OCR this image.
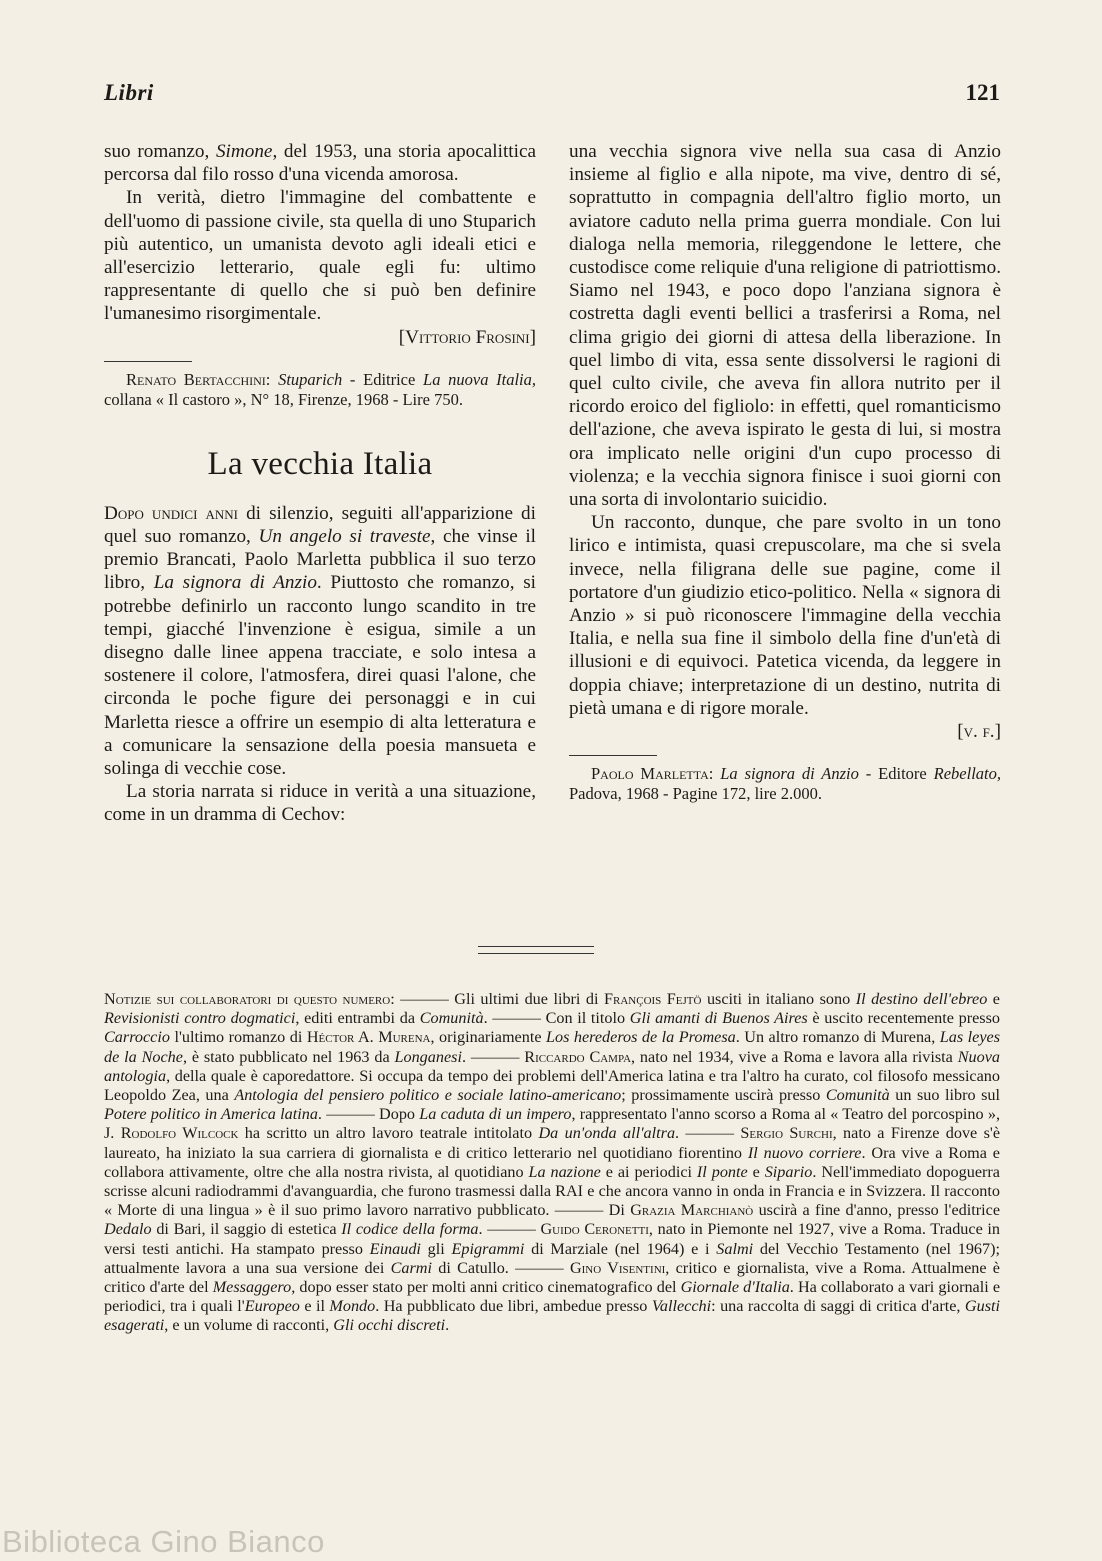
Libri	121

suo romanzo, Simone, del 1953, una storia apocalittica percorsa dal filo rosso d'una vicenda amorosa.

In verità, dietro l'immagine del combattente e dell'uomo di passione civile, sta quella di uno Stuparich più autentico, un umanista devoto agli ideali etici e all'esercizio letterario, quale egli fu: ultimo rappresentante di quello che si può ben definire l'umanesimo risorgimentale.

[Vittorio Frosini]

Renato Bertacchini: Stuparich - Editrice La nuova Italia, collana « Il castoro », N° 18, Firenze, 1968 - Lire 750.

La vecchia Italia

Dopo undici anni di silenzio, seguiti all'apparizione di quel suo romanzo, Un angelo si traveste, che vinse il premio Brancati, Paolo Marletta pubblica il suo terzo libro, La signora di Anzio. Piuttosto che romanzo, si potrebbe definirlo un racconto lungo scandito in tre tempi, giacché l'invenzione è esigua, simile a un disegno dalle linee appena tracciate, e solo intesa a sostenere il colore, l'atmosfera, direi quasi l'alone, che circonda le poche figure dei personaggi e in cui Marletta riesce a offrire un esempio di alta letteratura e a comunicare la sensazione della poesia mansueta e solinga di vecchie cose.

La storia narrata si riduce in verità a una situazione, come in un dramma di Cechov:

una vecchia signora vive nella sua casa di Anzio insieme al figlio e alla nipote, ma vive, dentro di sé, soprattutto in compagnia dell'altro figlio morto, un aviatore caduto nella prima guerra mondiale. Con lui dialoga nella memoria, rileggendone le lettere, che custodisce come reliquie d'una religione di patriottismo. Siamo nel 1943, e poco dopo l'anziana signora è costretta dagli eventi bellici a trasferirsi a Roma, nel clima grigio dei giorni di attesa della liberazione. In quel limbo di vita, essa sente dissolversi le ragioni di quel culto civile, che aveva fin allora nutrito per il ricordo eroico del figliolo: in effetti, quel romanticismo dell'azione, che aveva ispirato le gesta di lui, si mostra ora implicato nelle origini d'un cupo processo di violenza; e la vecchia signora finisce i suoi giorni con una sorta di involontario suicidio.

Un racconto, dunque, che pare svolto in un tono lirico e intimista, quasi crepuscolare, ma che si svela invece, nella filigrana delle sue pagine, come il portatore d'un giudizio etico-politico. Nella « signora di Anzio » si può riconoscere l'immagine della vecchia Italia, e nella sua fine il simbolo della fine d'un'età di illusioni e di equivoci. Patetica vicenda, da leggere in doppia chiave; interpretazione di un destino, nutrita di pietà umana e di rigore morale.

[v. f.]

Paolo Marletta: La signora di Anzio - Editore Rebellato, Padova, 1968 - Pagine 172, lire 2.000.

Notizie sui collaboratori di questo numero: ——— Gli ultimi due libri di François Fejtö usciti in italiano sono Il destino dell'ebreo e Revisionisti contro dogmatici, editi entrambi da Comunità. ——— Con il titolo Gli amanti di Buenos Aires è uscito recentemente presso Carroccio l'ultimo romanzo di Héctor A. Murena, originariamente Los herederos de la Promesa. Un altro romanzo di Murena, Las leyes de la Noche, è stato pubblicato nel 1963 da Longanesi. ——— Riccardo Campa, nato nel 1934, vive a Roma e lavora alla rivista Nuova antologia, della quale è caporedattore. Si occupa da tempo dei problemi dell'America latina e tra l'altro ha curato, col filosofo messicano Leopoldo Zea, una Antologia del pensiero politico e sociale latino-americano; prossimamente uscirà presso Comunità un suo libro sul Potere politico in America latina. ——— Dopo La caduta di un impero, rappresentato l'anno scorso a Roma al « Teatro del porcospino », J. Rodolfo Wilcock ha scritto un altro lavoro teatrale intitolato Da un'onda all'altra. ——— Sergio Surchi, nato a Firenze dove s'è laureato, ha iniziato la sua carriera di giornalista e di critico letterario nel quotidiano fiorentino Il nuovo corriere. Ora vive a Roma e collabora attivamente, oltre che alla nostra rivista, al quotidiano La nazione e ai periodici Il ponte e Sipario. Nell'immediato dopoguerra scrisse alcuni radiodrammi d'avanguardia, che furono trasmessi dalla RAI e che ancora vanno in onda in Francia e in Svizzera. Il racconto « Morte di una lingua » è il suo primo lavoro narrativo pubblicato. ——— Di Grazia Marchianò uscirà a fine d'anno, presso l'editrice Dedalo di Bari, il saggio di estetica Il codice della forma. ——— Guido Ceronetti, nato in Piemonte nel 1927, vive a Roma. Traduce in versi testi antichi. Ha stampato presso Einaudi gli Epigrammi di Marziale (nel 1964) e i Salmi del Vecchio Testamento (nel 1967); attualmente lavora a una sua versione dei Carmi di Catullo. ——— Gino Visentini, critico e giornalista, vive a Roma. Attualmene è critico d'arte del Messaggero, dopo esser stato per molti anni critico cinematografico del Giornale d'Italia. Ha collaborato a vari giornali e periodici, tra i quali l'Europeo e il Mondo. Ha pubblicato due libri, ambedue presso Vallecchi: una raccolta di saggi di critica d'arte, Gusti esagerati, e un volume di racconti, Gli occhi discreti.

Biblioteca Gino Bianco
